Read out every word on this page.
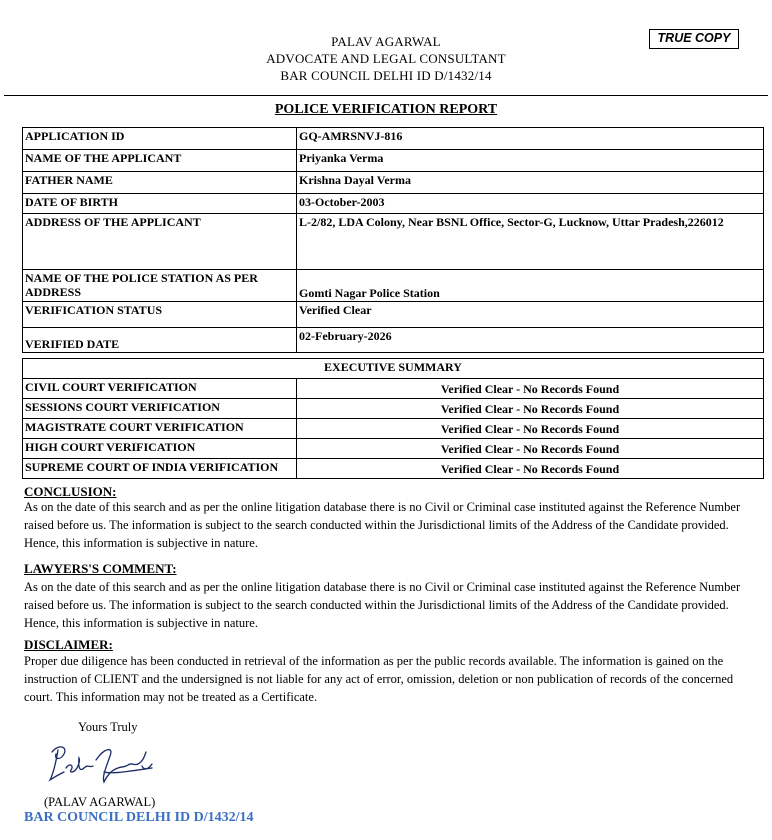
PALAV AGARWAL
ADVOCATE AND LEGAL CONSULTANT
BAR COUNCIL DELHI ID D/1432/14
TRUE COPY
POLICE VERIFICATION REPORT
APPLICATION ID	GQ-AMRSNVJ-816
NAME OF THE APPLICANT	Priyanka Verma
FATHER NAME	Krishna Dayal Verma
DATE OF BIRTH	03-October-2003
ADDRESS OF THE APPLICANT	L-2/82, LDA Colony, Near BSNL Office, Sector-G, Lucknow, Uttar Pradesh,226012
NAME OF THE POLICE STATION AS PER ADDRESS	Gomti Nagar Police Station
VERIFICATION STATUS	Verified Clear
VERIFIED DATE	02-February-2026
EXECUTIVE SUMMARY	
CIVIL COURT VERIFICATION	Verified Clear - No Records Found
SESSIONS COURT VERIFICATION	Verified Clear - No Records Found
MAGISTRATE COURT VERIFICATION	Verified Clear - No Records Found
HIGH COURT VERIFICATION	Verified Clear - No Records Found
SUPREME COURT OF INDIA VERIFICATION	Verified Clear - No Records Found
CONCLUSION:
As on the date of this search and as per the online litigation database there is no Civil or Criminal case instituted against the Reference Number raised before us. The information is subject to the search conducted within the Jurisdictional limits of the Address of the Candidate provided. Hence, this information is subjective in nature.
LAWYERS'S COMMENT:
As on the date of this search and as per the online litigation database there is no Civil or Criminal case instituted against the Reference Number raised before us. The information is subject to the search conducted within the Jurisdictional limits of the Address of the Candidate provided. Hence, this information is subjective in nature.
DISCLAIMER:
Proper due diligence has been conducted in retrieval of the information as per the public records available. The information is gained on the instruction of CLIENT and the undersigned is not liable for any act of error, omission, deletion or non publication of records of the concerned court. This information may not be treated as a Certificate.
Yours Truly
(PALAV AGARWAL)
BAR COUNCIL DELHI ID D/1432/14
